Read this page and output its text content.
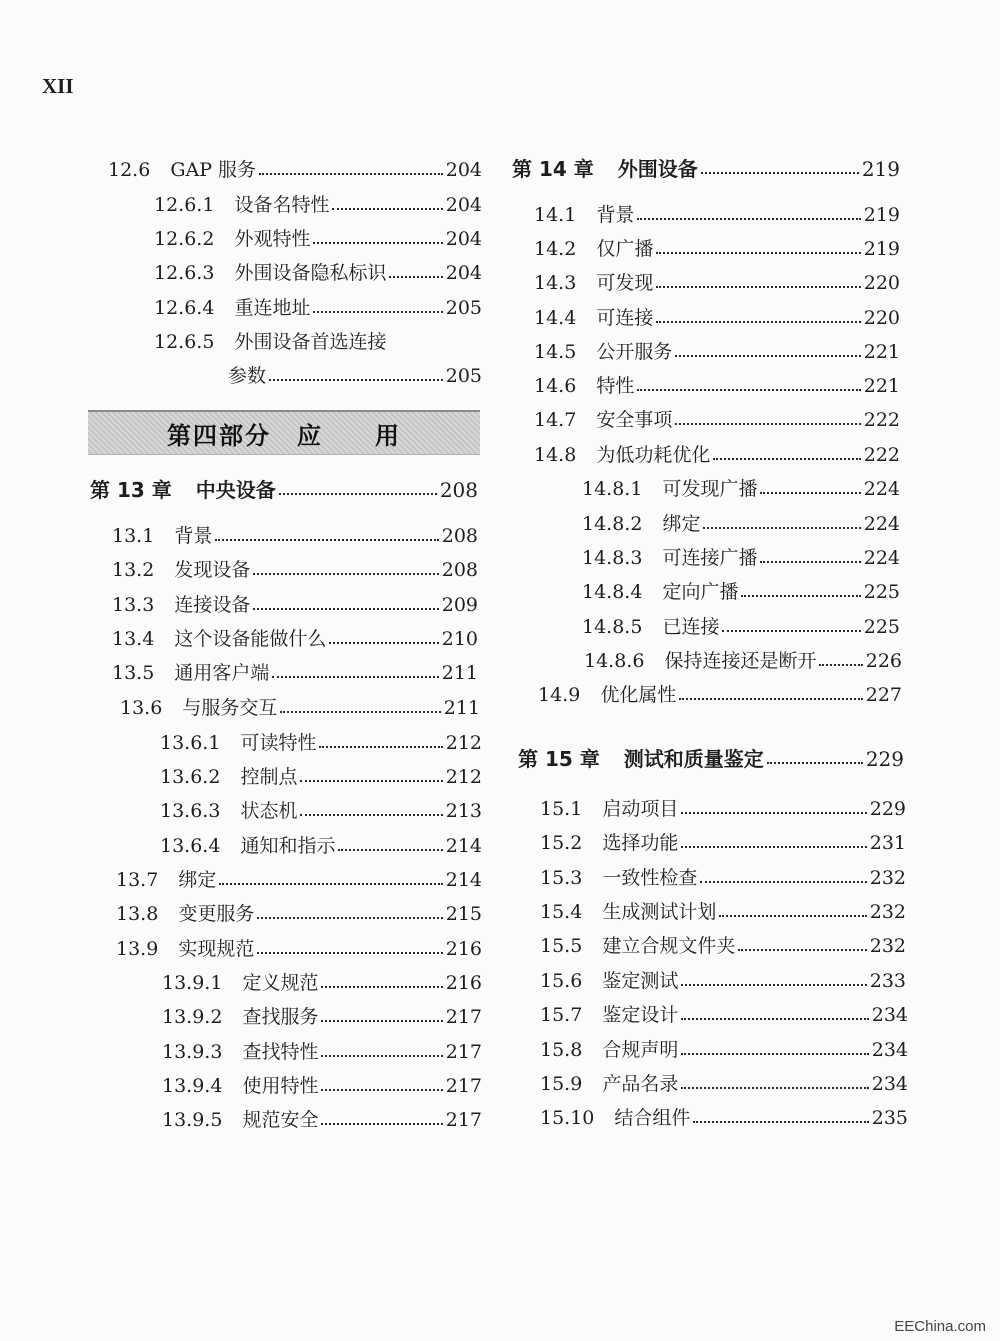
XII
第四部分　应　　用
12.6 GAP 服务	204
12.6.1 设备名特性	204
12.6.2 外观特性	204
12.6.3 外围设备隐私标识	204
12.6.4 重连地址	205
12.6.5 外围设备首选连接
参数	205
第 13 章 中央设备	208
13.1 背景	208
13.2 发现设备	208
13.3 连接设备	209
13.4 这个设备能做什么	210
13.5 通用客户端	211
13.6 与服务交互	211
13.6.1 可读特性	212
13.6.2 控制点	212
13.6.3 状态机	213
13.6.4 通知和指示	214
13.7 绑定	214
13.8 变更服务	215
13.9 实现规范	216
13.9.1 定义规范	216
13.9.2 查找服务	217
13.9.3 查找特性	217
13.9.4 使用特性	217
13.9.5 规范安全	217
第 14 章 外围设备	219
14.1 背景	219
14.2 仅广播	219
14.3 可发现	220
14.4 可连接	220
14.5 公开服务	221
14.6 特性	221
14.7 安全事项	222
14.8 为低功耗优化	222
14.8.1 可发现广播	224
14.8.2 绑定	224
14.8.3 可连接广播	224
14.8.4 定向广播	225
14.8.5 已连接	225
14.8.6 保持连接还是断开	226
14.9 优化属性	227
第 15 章 测试和质量鉴定	229
15.1 启动项目	229
15.2 选择功能	231
15.3 一致性检查	232
15.4 生成测试计划	232
15.5 建立合规文件夹	232
15.6 鉴定测试	233
15.7 鉴定设计	234
15.8 合规声明	234
15.9 产品名录	234
15.10 结合组件	235
EEChina.com
